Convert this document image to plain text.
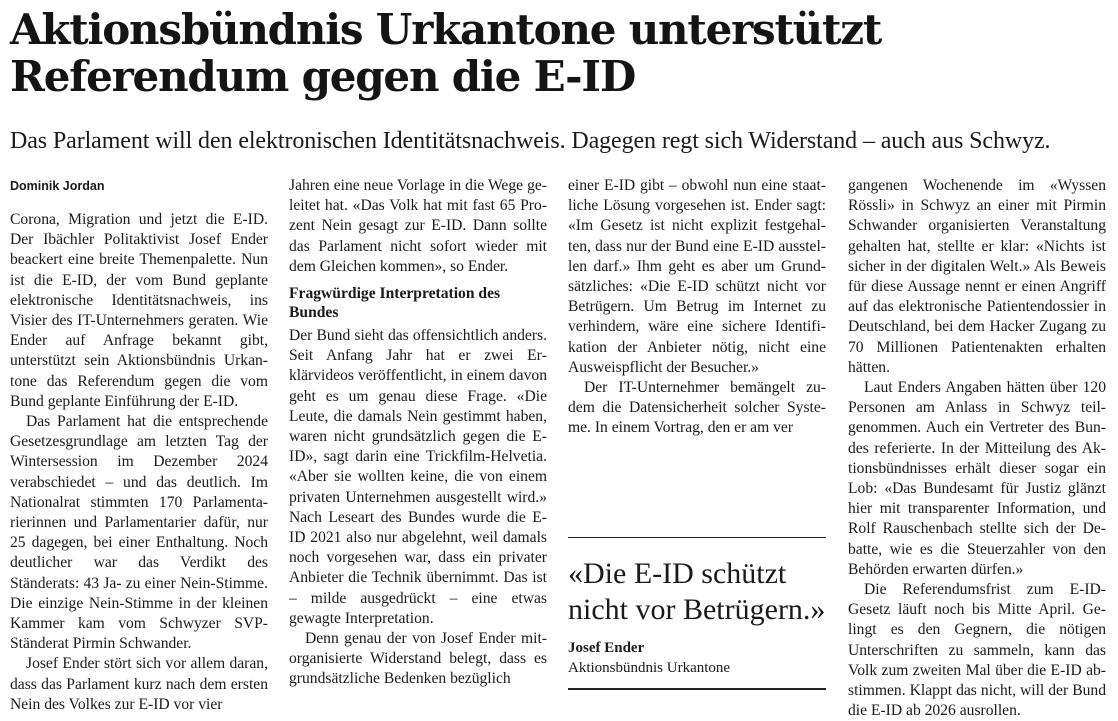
Aktionsbündnis Urkantone unterstützt
Referendum gegen die E-ID

Das Parlament will den elektronischen Identitätsnachweis. Dagegen regt sich Widerstand – auch aus Schwyz.

Dominik Jordan

Corona, Migration und jetzt die E-ID. Der Ibächler Politaktivist Josef Ender beackert eine breite Themenpalette. Nun ist die E-ID, der vom Bund geplante elektronische Identitätsnachweis, ins Visier des IT-Unternehmers geraten. Wie Ender auf Anfrage bekannt gibt, unterstützt sein Aktionsbündnis Urkantone das Referendum gegen die vom Bund geplante Einführung der E-ID.

Das Parlament hat die entsprechende Gesetzesgrundlage am letzten Tag der Wintersession im Dezember 2024 verabschiedet – und das deutlich. Im Nationalrat stimmten 170 Parlamentarierinnen und Parlamentarier dafür, nur 25 dagegen, bei einer Enthaltung. Noch deutlicher war das Verdikt des Ständerats: 43 Ja- zu einer Nein-Stimme. Die einzige Nein-Stimme in der kleinen Kammer kam vom Schwyzer SVP-Ständerat Pirmin Schwander.

Josef Ender stört sich vor allem daran, dass das Parlament kurz nach dem ersten Nein des Volkes zur E-ID vor vier

Jahren eine neue Vorlage in die Wege geleitet hat. «Das Volk hat mit fast 65 Prozent Nein gesagt zur E-ID. Dann sollte das Parlament nicht sofort wieder mit dem Gleichen kommen», so Ender.

Fragwürdige Interpretation des Bundes

Der Bund sieht das offensichtlich anders. Seit Anfang Jahr hat er zwei Erklärvideos veröffentlicht, in einem davon geht es um genau diese Frage. «Die Leute, die damals Nein gestimmt haben, waren nicht grundsätzlich gegen die E-ID», sagt darin eine Trickfilm-Helvetia. «Aber sie wollten keine, die von einem privaten Unternehmen ausgestellt wird.» Nach Leseart des Bundes wurde die E-ID 2021 also nur abgelehnt, weil damals noch vorgesehen war, dass ein privater Anbieter die Technik übernimmt. Das ist – milde ausgedrückt – eine etwas gewagte Interpretation.

Denn genau der von Josef Ender mitorganisierte Widerstand belegt, dass es grundsätzliche Bedenken bezüglich

einer E-ID gibt – obwohl nun eine staatliche Lösung vorgesehen ist. Ender sagt: «Im Gesetz ist nicht explizit festgehalten, dass nur der Bund eine E-ID ausstellen darf.» Ihm geht es aber um Grundsätzliches: «Die E-ID schützt nicht vor Betrügern. Um Betrug im Internet zu verhindern, wäre eine sichere Identifikation der Anbieter nötig, nicht eine Ausweispflicht der Besucher.»

Der IT-Unternehmer bemängelt zudem die Datensicherheit solcher Systeme. In einem Vortrag, den er am ver

«Die E-ID schützt nicht vor Betrügern.»

Josef Ender
Aktionsbündnis Urkantone

gangenen Wochenende im «Wyssen Rössli» in Schwyz an einer mit Pirmin Schwander organisierten Veranstaltung gehalten hat, stellte er klar: «Nichts ist sicher in der digitalen Welt.» Als Beweis für diese Aussage nennt er einen Angriff auf das elektronische Patientendossier in Deutschland, bei dem Hacker Zugang zu 70 Millionen Patientenakten erhalten hätten.

Laut Enders Angaben hätten über 120 Personen am Anlass in Schwyz teilgenommen. Auch ein Vertreter des Bundes referierte. In der Mitteilung des Aktionsbündnisses erhält dieser sogar ein Lob: «Das Bundesamt für Justiz glänzt hier mit transparenter Information, und Rolf Rauschenbach stellte sich der Debatte, wie es die Steuerzahler von den Behörden erwarten dürfen.»

Die Referendumsfrist zum E-ID-Gesetz läuft noch bis Mitte April. Gelingt es den Gegnern, die nötigen Unterschriften zu sammeln, kann das Volk zum zweiten Mal über die E-ID abstimmen. Klappt das nicht, will der Bund die E-ID ab 2026 ausrollen.
